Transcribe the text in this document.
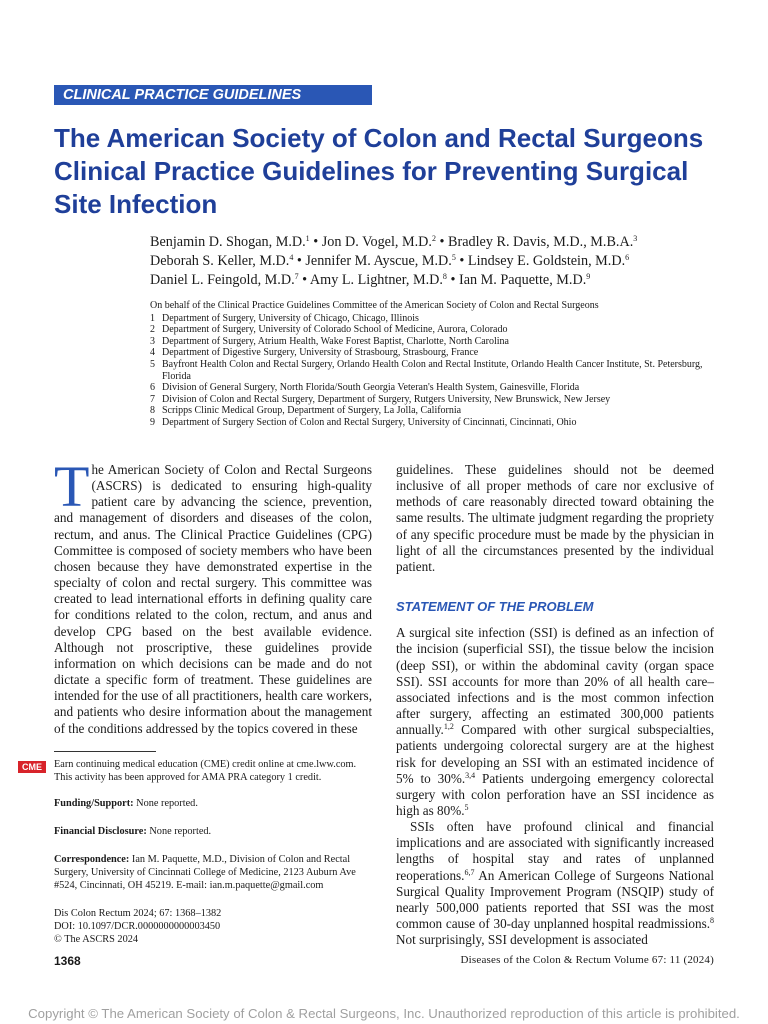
CLINICAL PRACTICE GUIDELINES
The American Society of Colon and Rectal Surgeons Clinical Practice Guidelines for Preventing Surgical Site Infection
Benjamin D. Shogan, M.D.$^1$ • Jon D. Vogel, M.D.$^2$ • Bradley R. Davis, M.D., M.B.A.$^3$
Deborah S. Keller, M.D.$^4$ • Jennifer M. Ayscue, M.D.$^5$ • Lindsey E. Goldstein, M.D.$^6$
Daniel L. Feingold, M.D.$^7$ • Amy L. Lightner, M.D.$^8$ • Ian M. Paquette, M.D.$^9$
On behalf of the Clinical Practice Guidelines Committee of the American Society of Colon and Rectal Surgeons
1 Department of Surgery, University of Chicago, Chicago, Illinois
2 Department of Surgery, University of Colorado School of Medicine, Aurora, Colorado
3 Department of Surgery, Atrium Health, Wake Forest Baptist, Charlotte, North Carolina
4 Department of Digestive Surgery, University of Strasbourg, Strasbourg, France
5 Bayfront Health Colon and Rectal Surgery, Orlando Health Colon and Rectal Institute, Orlando Health Cancer Institute, St. Petersburg, Florida
6 Division of General Surgery, North Florida/South Georgia Veteran's Health System, Gainesville, Florida
7 Division of Colon and Rectal Surgery, Department of Surgery, Rutgers University, New Brunswick, New Jersey
8 Scripps Clinic Medical Group, Department of Surgery, La Jolla, California
9 Department of Surgery Section of Colon and Rectal Surgery, University of Cincinnati, Cincinnati, Ohio

The American Society of Colon and Rectal Surgeons (ASCRS) is dedicated to ensuring high-quality patient care by advancing the science, prevention, and management of disorders and diseases of the colon, rectum, and anus. The Clinical Practice Guidelines (CPG) Committee is composed of society members who have been chosen because they have demonstrated expertise in the specialty of colon and rectal surgery. This committee was created to lead international efforts in defining quality care for conditions related to the colon, rectum, and anus and develop CPG based on the best available evidence. Although not proscriptive, these guidelines provide information on which decisions can be made and do not dictate a specific form of treatment. These guidelines are intended for the use of all practitioners, health care workers, and patients who desire information about the management of the conditions addressed by the topics covered in these

guidelines. These guidelines should not be deemed inclusive of all proper methods of care nor exclusive of methods of care reasonably directed toward obtaining the same results. The ultimate judgment regarding the propriety of any specific procedure must be made by the physician in light of all the circumstances presented by the individual patient.

STATEMENT OF THE PROBLEM

A surgical site infection (SSI) is defined as an infection of the incision (superficial SSI), the tissue below the incision (deep SSI), or within the abdominal cavity (organ space SSI). SSI accounts for more than 20% of all health care–associated infections and is the most common infection after surgery, affecting an estimated 300,000 patients annually.$^{1,2}$ Compared with other surgical subspecialties, patients undergoing colorectal surgery are at the highest risk for developing an SSI with an estimated incidence of 5% to 30%.$^{3,4}$ Patients undergoing emergency colorectal surgery with colon perforation have an SSI incidence as high as 80%.$^5$

SSIs often have profound clinical and financial implications and are associated with significantly increased lengths of hospital stay and rates of unplanned reoperations.$^{6,7}$ An American College of Surgeons National Surgical Quality Improvement Program (NSQIP) study of nearly 500,000 patients reported that SSI was the most common cause of 30-day unplanned hospital readmissions.$^8$ Not surprisingly, SSI development is associated

CME	Earn continuing medical education (CME) credit online at cme.lww.com. This activity has been approved for AMA PRA category 1 credit.
Funding/Support: None reported.
Financial Disclosure: None reported.
Correspondence: Ian M. Paquette, M.D., Division of Colon and Rectal Surgery, University of Cincinnati College of Medicine, 2123 Auburn Ave #524, Cincinnati, OH 45219. E-mail: ian.m.paquette@gmail.com
Dis Colon Rectum 2024; 67: 1368–1382
DOI: 10.1097/DCR.0000000000003450
© The ASCRS 2024
1368	Diseases of the Colon & Rectum Volume 67: 11 (2024)
Copyright © The American Society of Colon & Rectal Surgeons, Inc. Unauthorized reproduction of this article is prohibited.
